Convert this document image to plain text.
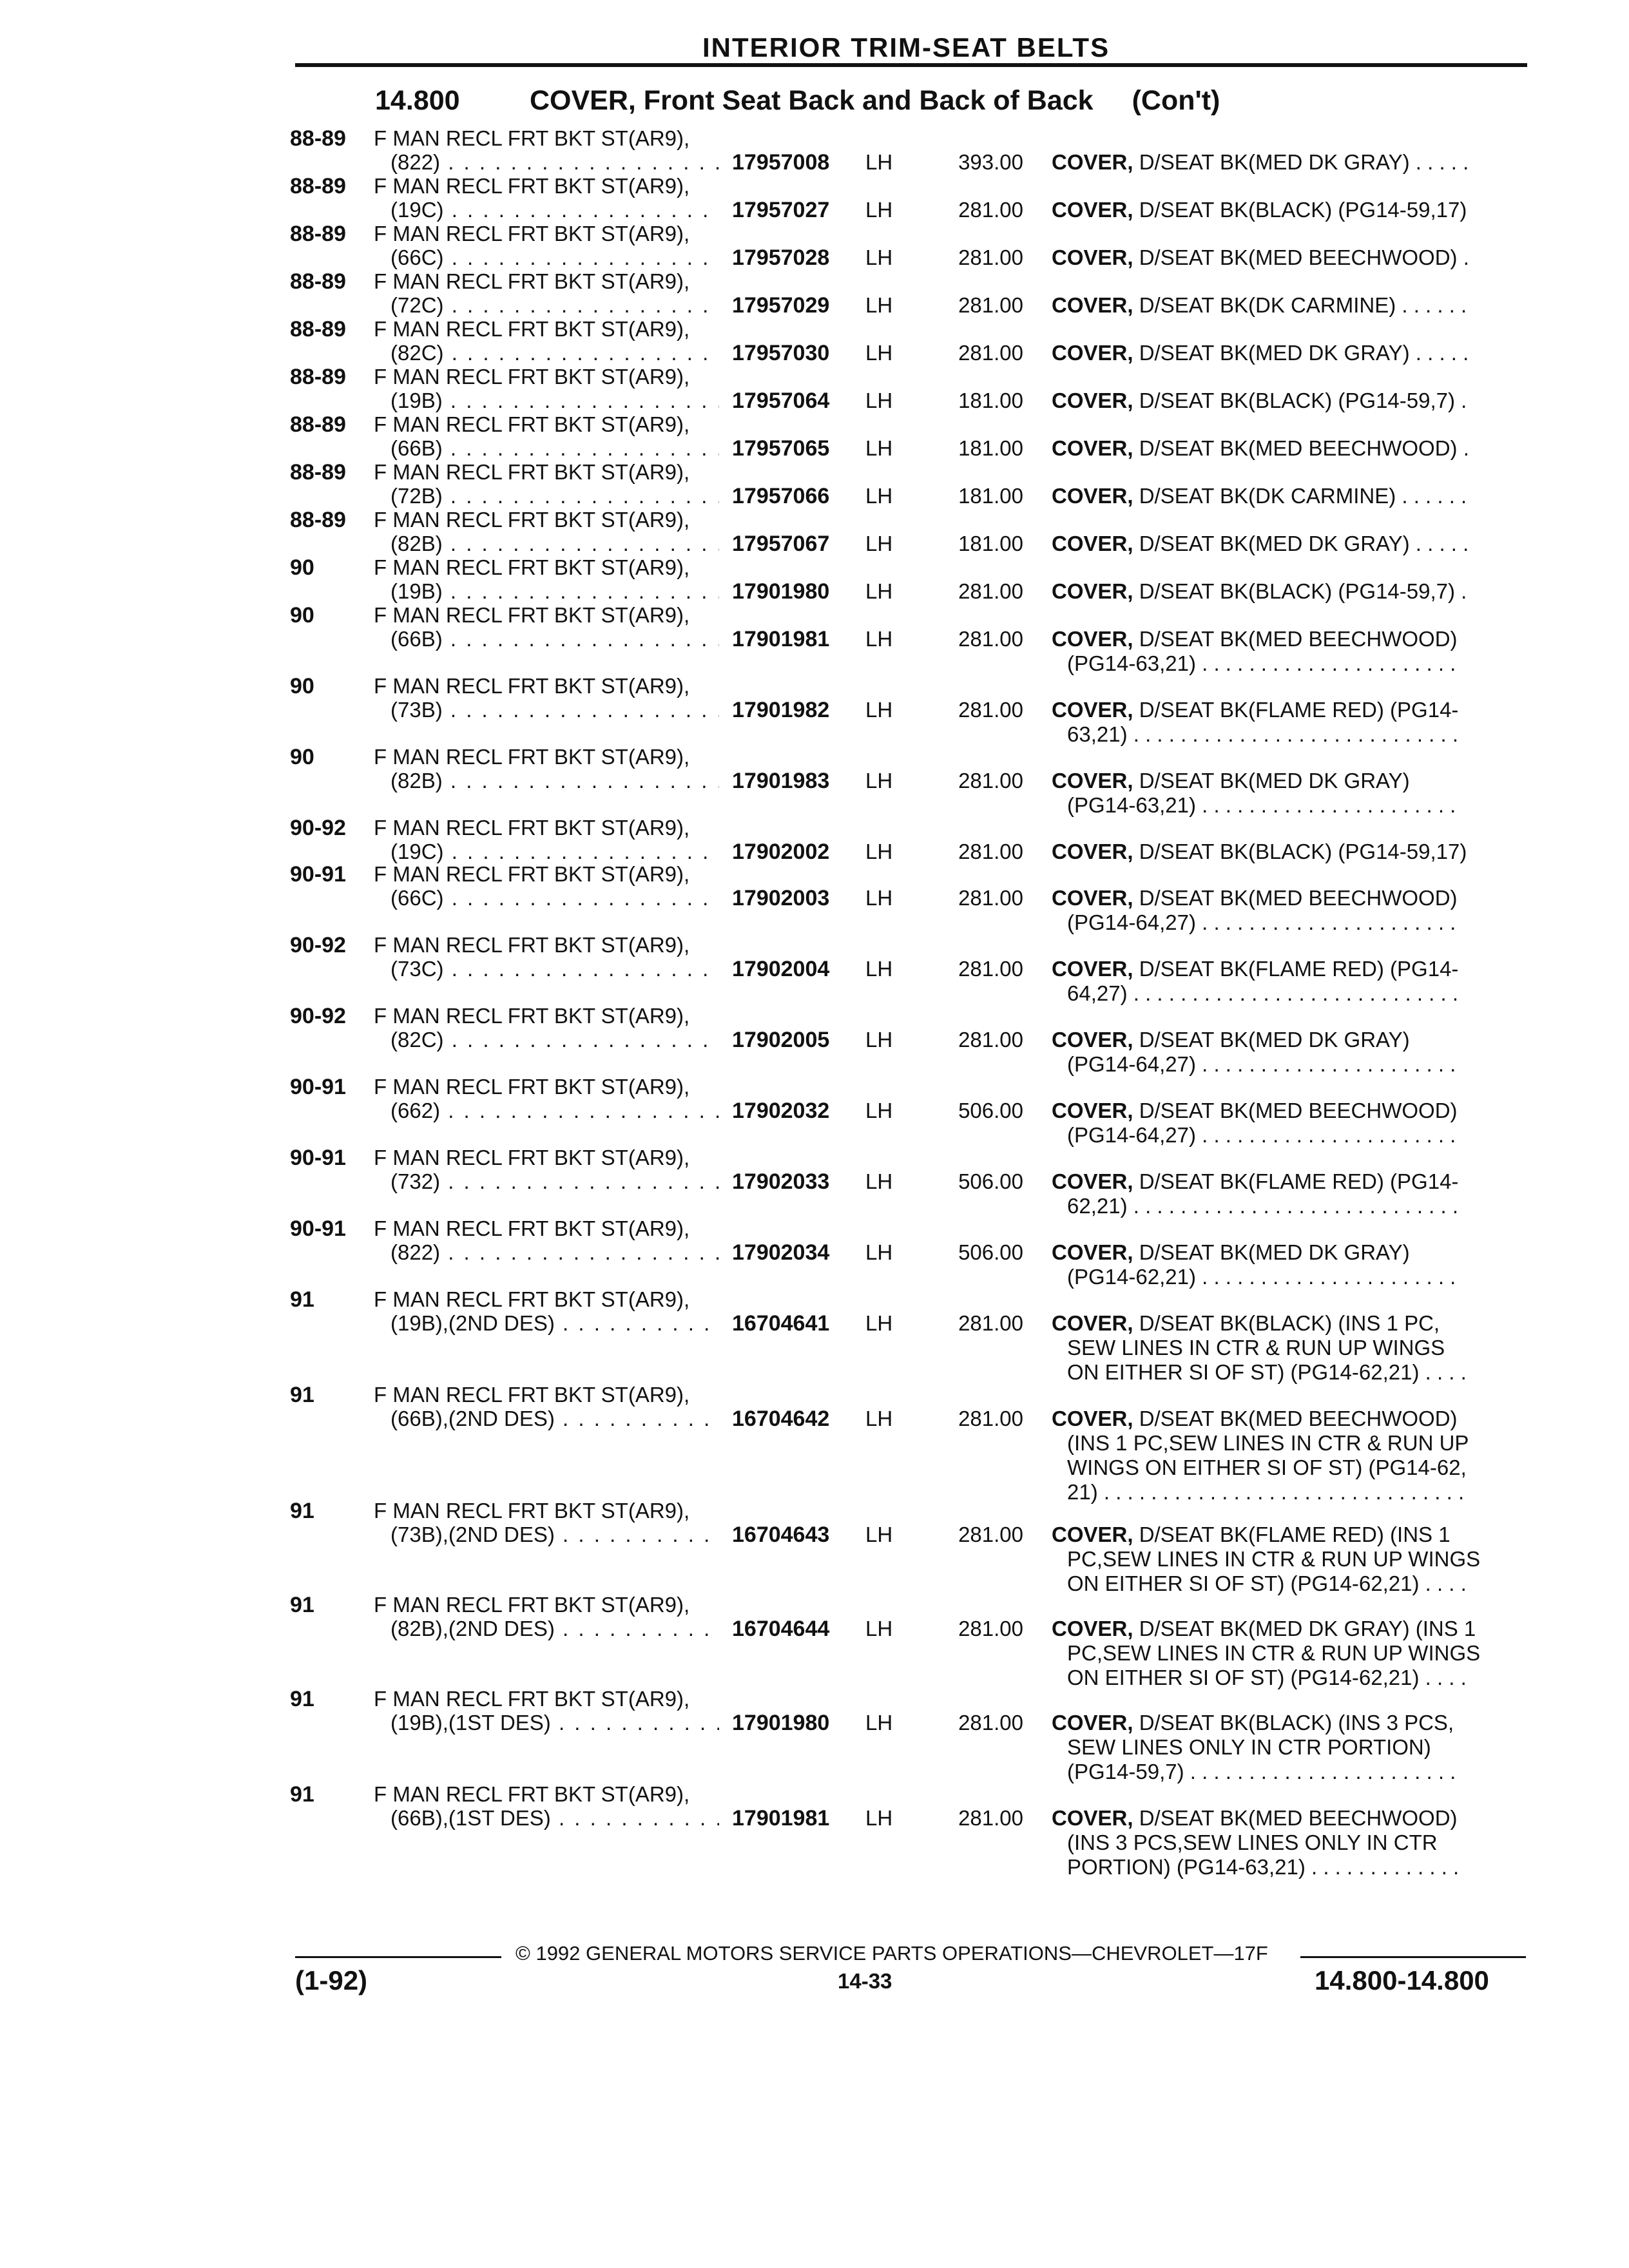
INTERIOR TRIM-SEAT BELTS
14.800	COVER, Front Seat Back and Back of Back (Con't)
88-89 F MAN RECL FRT BKT ST(AR9),
(822) . . .	17957008 LH	393.00 COVER, D/SEAT BK(MED DK GRAY) . . . . .
88-89 F MAN RECL FRT BKT ST(AR9),
(19C) . . .	17957027 LH	281.00 COVER, D/SEAT BK(BLACK) (PG14-59,17)
88-89 F MAN RECL FRT BKT ST(AR9),
(66C) . . .	17957028 LH	281.00 COVER, D/SEAT BK(MED BEECHWOOD) .
88-89 F MAN RECL FRT BKT ST(AR9),
(72C) . . .	17957029 LH	281.00 COVER, D/SEAT BK(DK CARMINE) . . . . . .
88-89 F MAN RECL FRT BKT ST(AR9),
(82C) . . .	17957030 LH	281.00 COVER, D/SEAT BK(MED DK GRAY) . . . . .
88-89 F MAN RECL FRT BKT ST(AR9),
(19B) . . .	17957064 LH	181.00 COVER, D/SEAT BK(BLACK) (PG14-59,7) .
88-89 F MAN RECL FRT BKT ST(AR9),
(66B) . . .	17957065 LH	181.00 COVER, D/SEAT BK(MED BEECHWOOD) .
88-89 F MAN RECL FRT BKT ST(AR9),
(72B) . . .	17957066 LH	181.00 COVER, D/SEAT BK(DK CARMINE) . . . . . .
88-89 F MAN RECL FRT BKT ST(AR9),
(82B) . . .	17957067 LH	181.00 COVER, D/SEAT BK(MED DK GRAY) . . . . .
90	F MAN RECL FRT BKT ST(AR9),
(19B) . . .	17901980 LH	281.00 COVER, D/SEAT BK(BLACK) (PG14-59,7) .
90	F MAN RECL FRT BKT ST(AR9),
(66B) . . .	17901981 LH	281.00 COVER, D/SEAT BK(MED BEECHWOOD)
(PG14-63,21) . . . . . . . . . . . . . . . . . . . . . .
90	F MAN RECL FRT BKT ST(AR9),
(73B) . . .	17901982 LH	281.00 COVER, D/SEAT BK(FLAME RED) (PG14-
63,21) . . . . . . . . . . . . . . . . . . . . . . . . . . . .
90	F MAN RECL FRT BKT ST(AR9),
(82B) . . .	17901983 LH	281.00 COVER, D/SEAT BK(MED DK GRAY)
(PG14-63,21) . . . . . . . . . . . . . . . . . . . . . .
90-92 F MAN RECL FRT BKT ST(AR9),
(19C) . . .	17902002 LH	281.00 COVER, D/SEAT BK(BLACK) (PG14-59,17)
90-91 F MAN RECL FRT BKT ST(AR9),
(66C) . . .	17902003 LH	281.00 COVER, D/SEAT BK(MED BEECHWOOD)
(PG14-64,27) . . . . . . . . . . . . . . . . . . . . . .
90-92 F MAN RECL FRT BKT ST(AR9),
(73C) . . .	17902004 LH	281.00 COVER, D/SEAT BK(FLAME RED) (PG14-
64,27) . . . . . . . . . . . . . . . . . . . . . . . . . . . .
90-92 F MAN RECL FRT BKT ST(AR9),
(82C) . . .	17902005 LH	281.00 COVER, D/SEAT BK(MED DK GRAY)
(PG14-64,27) . . . . . . . . . . . . . . . . . . . . . .
90-91 F MAN RECL FRT BKT ST(AR9),
(662) . . .	17902032 LH	506.00 COVER, D/SEAT BK(MED BEECHWOOD)
(PG14-64,27) . . . . . . . . . . . . . . . . . . . . . .
90-91 F MAN RECL FRT BKT ST(AR9),
(732) . . .	17902033 LH	506.00 COVER, D/SEAT BK(FLAME RED) (PG14-
62,21) . . . . . . . . . . . . . . . . . . . . . . . . . . . .
90-91 F MAN RECL FRT BKT ST(AR9),
(822) . . .	17902034 LH	506.00 COVER, D/SEAT BK(MED DK GRAY)
(PG14-62,21) . . . . . . . . . . . . . . . . . . . . . .
91	F MAN RECL FRT BKT ST(AR9),
(19B),(2ND DES) . . .	16704641 LH	281.00 COVER, D/SEAT BK(BLACK) (INS 1 PC,
SEW LINES IN CTR & RUN UP WINGS
ON EITHER SI OF ST) (PG14-62,21) . . . .
91	F MAN RECL FRT BKT ST(AR9),
(66B),(2ND DES) . . .	16704642 LH	281.00 COVER, D/SEAT BK(MED BEECHWOOD)
(INS 1 PC,SEW LINES IN CTR & RUN UP
WINGS ON EITHER SI OF ST) (PG14-62,
21) . . . . . . . . . . . . . . . . . . . . . . . . . . . . . . .
91	F MAN RECL FRT BKT ST(AR9),
(73B),(2ND DES) . . .	16704643 LH	281.00 COVER, D/SEAT BK(FLAME RED) (INS 1
PC,SEW LINES IN CTR & RUN UP WINGS
ON EITHER SI OF ST) (PG14-62,21) . . . .
91	F MAN RECL FRT BKT ST(AR9),
(82B),(2ND DES) . . .	16704644 LH	281.00 COVER, D/SEAT BK(MED DK GRAY) (INS 1
PC,SEW LINES IN CTR & RUN UP WINGS
ON EITHER SI OF ST) (PG14-62,21) . . . .
91	F MAN RECL FRT BKT ST(AR9),
(19B),(1ST DES) . . .	17901980 LH	281.00 COVER, D/SEAT BK(BLACK) (INS 3 PCS,
SEW LINES ONLY IN CTR PORTION)
(PG14-59,7) . . . . . . . . . . . . . . . . . . . . . . .
91	F MAN RECL FRT BKT ST(AR9),
(66B),(1ST DES) . . .	17901981 LH	281.00 COVER, D/SEAT BK(MED BEECHWOOD)
(INS 3 PCS,SEW LINES ONLY IN CTR
PORTION) (PG14-63,21) . . . . . . . . . . . . .
© 1992 GENERAL MOTORS SERVICE PARTS OPERATIONS—CHEVROLET—17F
(1-92)	14-33	14.800-14.800
